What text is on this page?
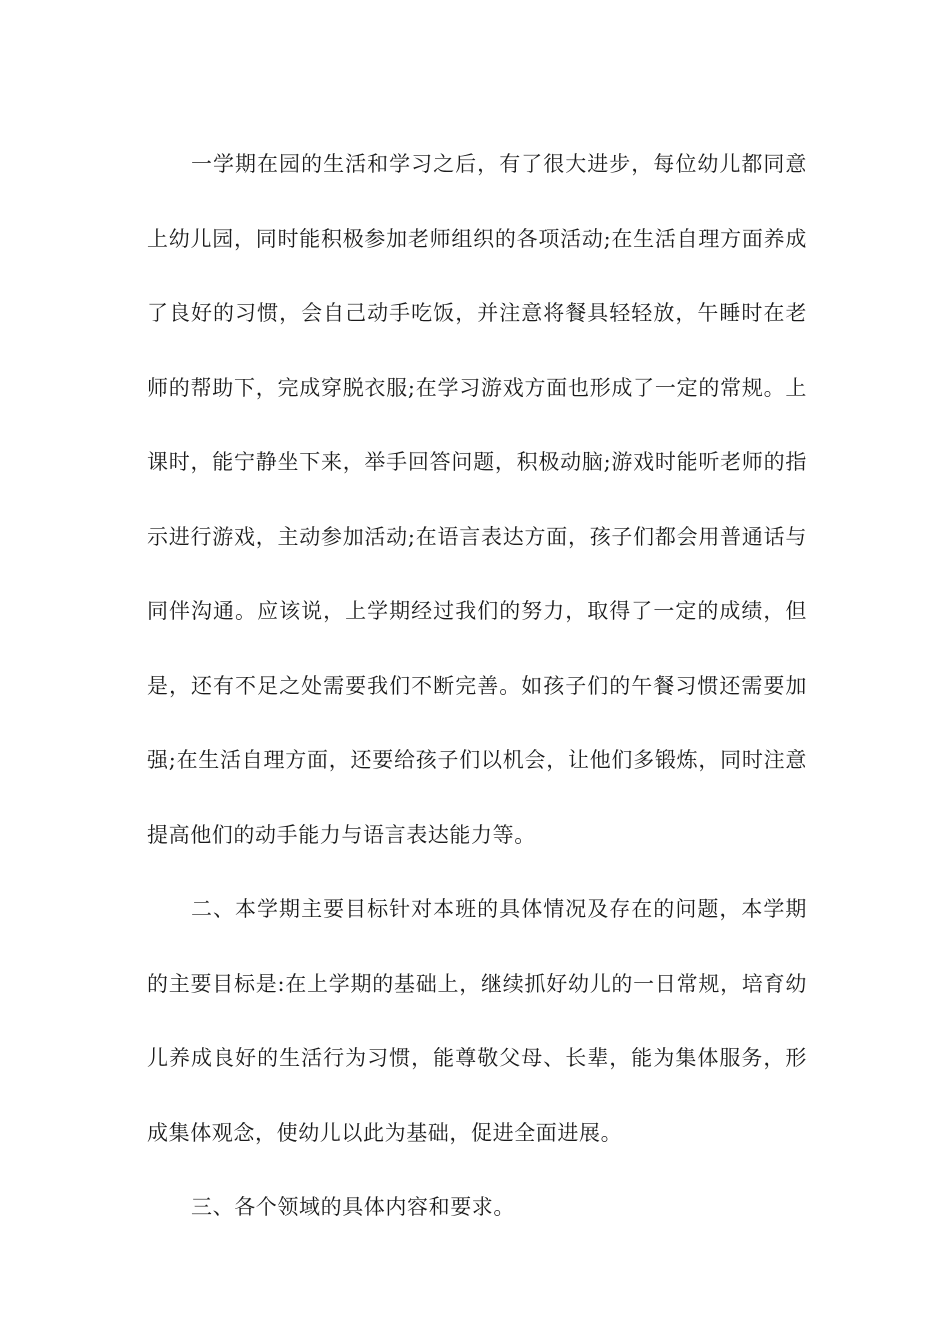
一学期在园的生活和学习之后，有了很大进步，每位幼儿都同意上幼儿园，同时能积极参加老师组织的各项活动;在生活自理方面养成了良好的习惯，会自己动手吃饭，并注意将餐具轻轻放，午睡时在老师的帮助下，完成穿脱衣服;在学习游戏方面也形成了一定的常规。上课时，能宁静坐下来，举手回答问题，积极动脑;游戏时能听老师的指示进行游戏，主动参加活动;在语言表达方面，孩子们都会用普通话与同伴沟通。应该说，上学期经过我们的努力，取得了一定的成绩，但是，还有不足之处需要我们不断完善。如孩子们的午餐习惯还需要加强;在生活自理方面，还要给孩子们以机会，让他们多锻炼，同时注意提高他们的动手能力与语言表达能力等。

二、本学期主要目标针对本班的具体情况及存在的问题，本学期的主要目标是:在上学期的基础上，继续抓好幼儿的一日常规，培育幼儿养成良好的生活行为习惯，能尊敬父母、长辈，能为集体服务，形成集体观念，使幼儿以此为基础，促进全面进展。

三、各个领域的具体内容和要求。
